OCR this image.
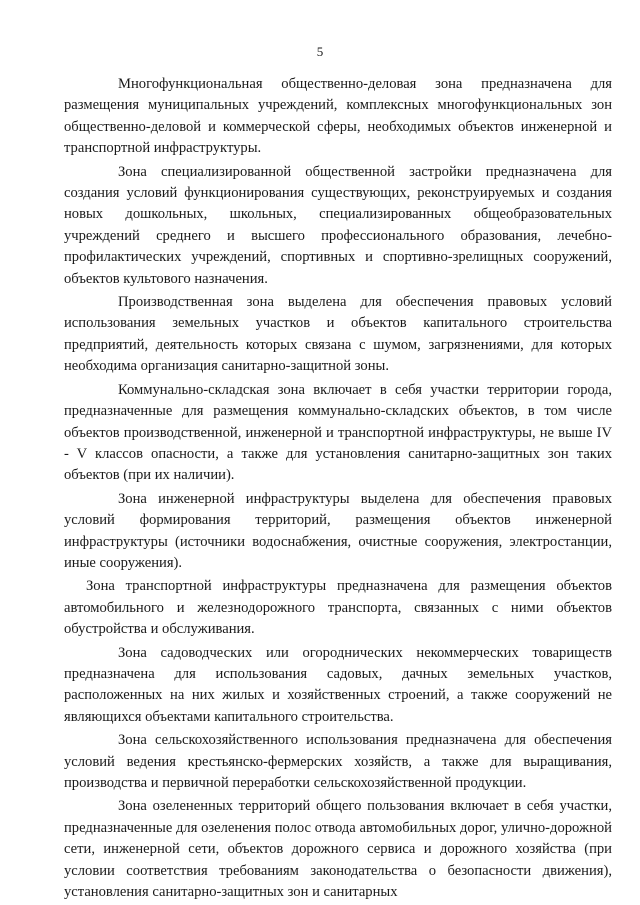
5

Многофункциональная общественно-деловая зона предназначена для размещения муниципальных учреждений, комплексных многофункциональных зон общественно-деловой и коммерческой сферы, необходимых объектов инженерной и транспортной инфраструктуры.

Зона специализированной общественной застройки предназначена для создания условий функционирования существующих, реконструируемых и создания новых дошкольных, школьных, специализированных общеобразовательных учреждений среднего и высшего профессионального образования, лечебно-профилактических учреждений, спортивных и спортивно-зрелищных сооружений, объектов культового назначения.

Производственная зона выделена для обеспечения правовых условий использования земельных участков и объектов капитального строительства предприятий, деятельность которых связана с шумом, загрязнениями, для которых необходима организация санитарно-защитной зоны.

Коммунально-складская зона включает в себя участки территории города, предназначенные для размещения коммунально-складских объектов, в том числе объектов производственной, инженерной и транспортной инфраструктуры, не выше IV - V классов опасности, а также для установления санитарно-защитных зон таких объектов (при их наличии).

Зона инженерной инфраструктуры выделена для обеспечения правовых условий формирования территорий, размещения объектов инженерной инфраструктуры (источники водоснабжения, очистные сооружения, электростанции, иные сооружения).

Зона транспортной инфраструктуры предназначена для размещения объектов автомобильного и железнодорожного транспорта, связанных с ними объектов обустройства и обслуживания.

Зона садоводческих или огороднических некоммерческих товариществ предназначена для использования садовых, дачных земельных участков, расположенных на них жилых и хозяйственных строений, а также сооружений не являющихся объектами капитального строительства.

Зона сельскохозяйственного использования предназначена для обеспечения условий ведения крестьянско-фермерских хозяйств, а также для выращивания, производства и первичной переработки сельскохозяйственной продукции.

Зона озелененных территорий общего пользования включает в себя участки, предназначенные для озеленения полос отвода автомобильных дорог, улично-дорожной сети, инженерной сети, объектов дорожного сервиса и дорожного хозяйства (при условии соответствия требованиям законодательства о безопасности движения), установления санитарно-защитных зон и санитарных
